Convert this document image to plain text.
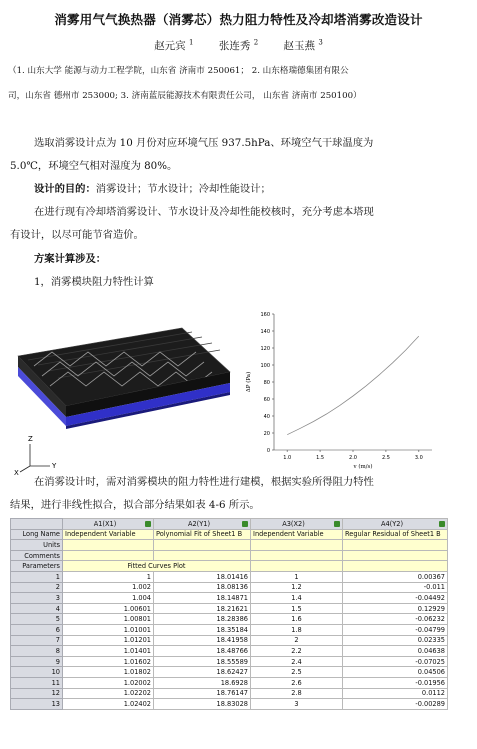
消雾用气气换热器（消雾芯）热力阻力特性及冷却塔消雾改造设计
赵元宾 $^1$ 张连秀 $^2$ 赵玉燕 $^3$
（1. 山东大学 能源与动力工程学院，山东省 济南市 250061； 2. 山东格瑞德集团有限公
司，山东省 德州市 253000; 3. 济南蓝辰能源技术有限责任公司， 山东省 济南市 250100）
选取消雾设计点为 10 月份对应环境气压 937.5hPa、环境空气干球温度为
5.0℃，环境空气相对湿度为 80%。
设计的目的：消雾设计；节水设计；冷却性能设计；
在进行现有冷却塔消雾设计、节水设计及冷却性能校核时，充分考虑本塔现
有设计，以尽可能节省造价。
方案计算涉及：
1，消雾模块阻力特性计算
Z
Y
X
0
20
40
60
80
100
120
140
160
1.0	1.5	2.0	2.5	3.0
v (m/s)
ΔP (Pa)
在消雾设计时，需对消雾模块的阻力特性进行建模，根据实验所得阻力特性
结果，进行非线性拟合，拟合部分结果如表 4-6 所示。
	A1(X1)	A2(Y1)	A3(X2)	A4(Y2)

Long Name	Independent Variable	Polynomial Fit of Sheet1 B	Independent Variable	Regular Residual of Sheet1 B
Units				
Comments				
Parameters	Fitted Curves Plot			
1	1	18.01416	1	0.00367
2	1.002	18.08136	1.2	-0.011
3	1.004	18.14871	1.4	-0.04492
4	1.00601	18.21621	1.5	0.12929
5	1.00801	18.28386	1.6	-0.06232
6	1.01001	18.35184	1.8	-0.04799
7	1.01201	18.41958	2	0.02335
8	1.01401	18.48766	2.2	0.04638
9	1.01602	18.55589	2.4	-0.07025
10	1.01802	18.62427	2.5	0.04506
11	1.02002	18.6928	2.6	-0.01956
12	1.02202	18.76147	2.8	0.0112
13	1.02402	18.83028	3	-0.00289
